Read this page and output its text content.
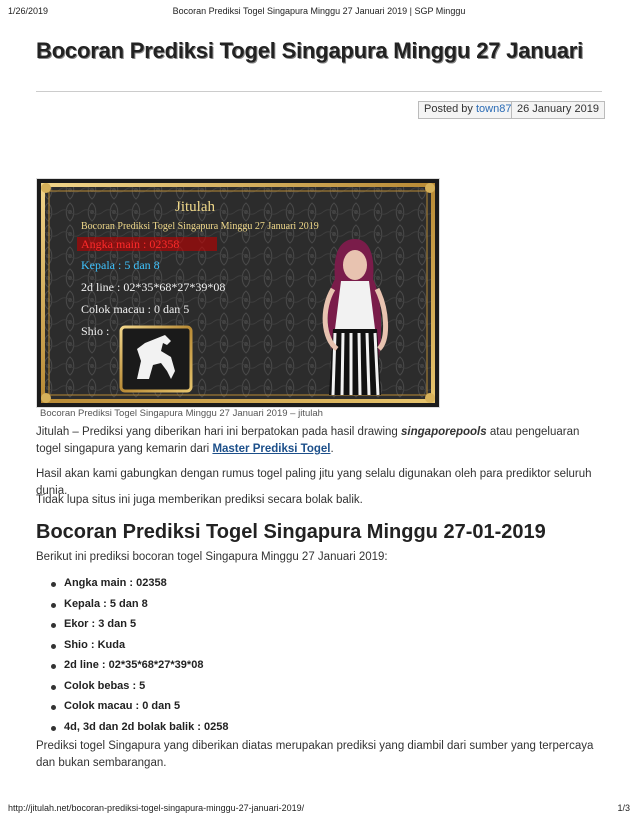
1/26/2019	Bocoran Prediksi Togel Singapura Minggu 27 Januari 2019 | SGP Minggu
Bocoran Prediksi Togel Singapura Minggu 27 Januari
Posted by town87 26 January 2019
Jitulah
Bocoran Prediksi Togel Singapura Minggu 27 Januari 2019
Angka main : 02358
Kepala : 5 dan 8
2d line : 02*35*68*27*39*08
Colok macau : 0 dan 5
Shio :
Bocoran Prediksi Togel Singapura Minggu 27 Januari 2019 – jitulah

Jitulah – Prediksi yang diberikan hari ini berpatokan pada hasil drawing singaporepools atau pengeluaran togel singapura yang kemarin dari Master Prediksi Togel.

Hasil akan kami gabungkan dengan rumus togel paling jitu yang selalu digunakan oleh para prediktor seluruh dunia.

Tidak lupa situs ini juga memberikan prediksi secara bolak balik.

Bocoran Prediksi Togel Singapura Minggu 27-01-2019

Berikut ini prediksi bocoran togel Singapura Minggu 27 Januari 2019:

Angka main : 02358
Kepala : 5 dan 8
Ekor : 3 dan 5
Shio : Kuda
2d line : 02*35*68*27*39*08
Colok bebas : 5
Colok macau : 0 dan 5
4d, 3d dan 2d bolak balik : 0258

Prediksi togel Singapura yang diberikan diatas merupakan prediksi yang diambil dari sumber yang terpercaya dan bukan sembarangan.

http://jitulah.net/bocoran-prediksi-togel-singapura-minggu-27-januari-2019/	1/3
